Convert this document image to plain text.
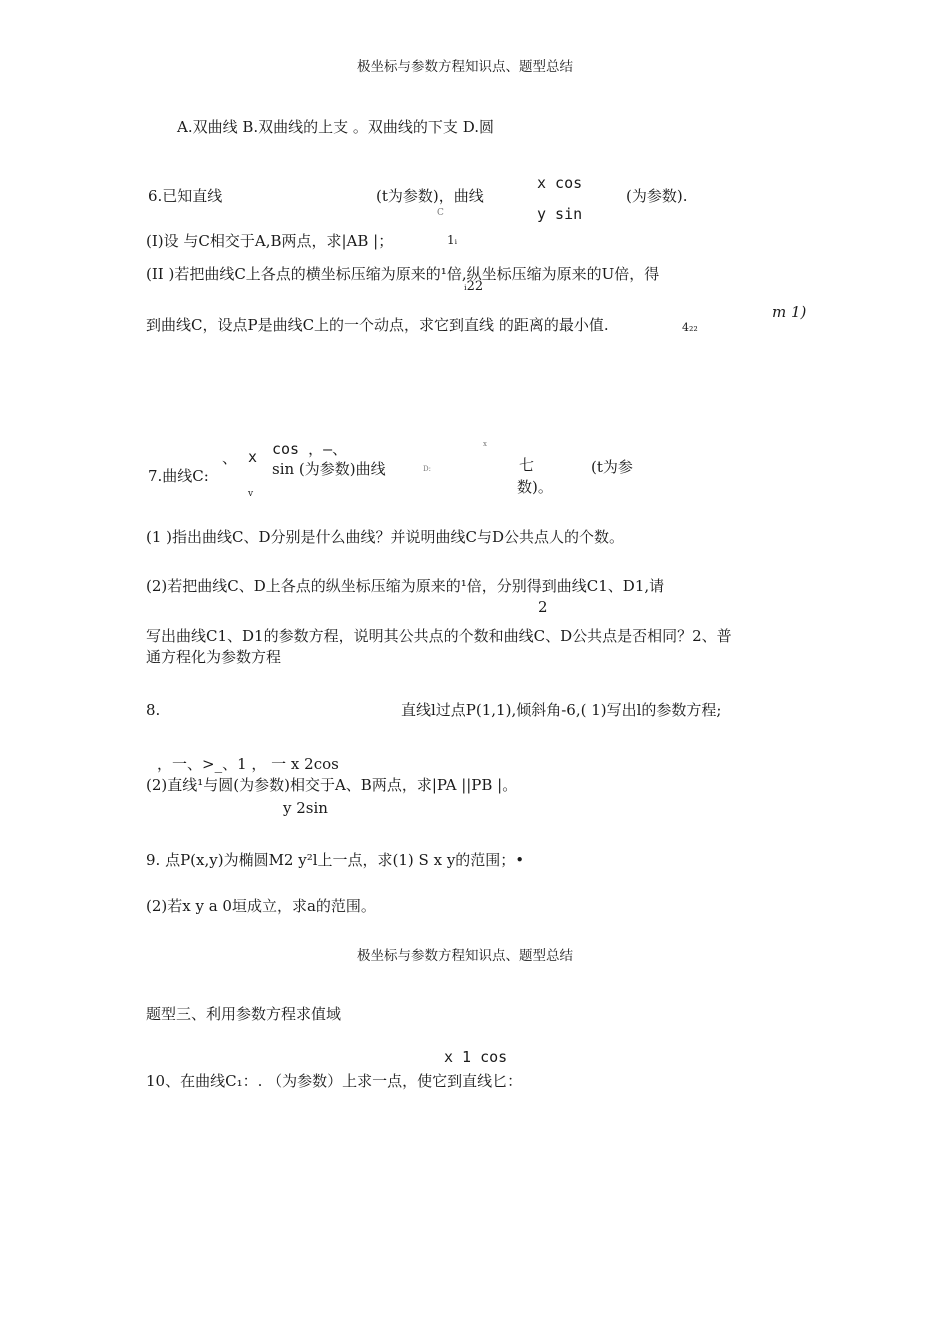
极坐标与参数方程知识点、题型总结
A.双曲线 B.双曲线的上支 。双曲线的下支 D.圆
6.已知直线	(t为参数)，曲线
x cos
y sin
C
(为参数).
(I)设 与C相交于A,B两点，求|AB |；	1ᵢ
(II )若把曲线C上各点的横坐标压缩为原来的¹倍,纵坐标压缩为原来的U倍，得
ᵢ22
到曲线C，设点P是曲线C上的一个动点，求它到直线 的距离的最小值.	4₂₂
m 1)
、 x cos ，—、
sin (为参数)曲线	D:
x
七	(t为参
数)。
7.曲线C:
v
(1 )指出曲线C、D分别是什么曲线？并说明曲线C与D公共点人的个数。
(2)若把曲线C、D上各点的纵坐标压缩为原来的¹倍，分别得到曲线C1、D1,请
2
写出曲线C1、D1的参数方程，说明其公共点的个数和曲线C、D公共点是否相同？2、普
通方程化为参数方程
8.	直线l过点P(1,1),倾斜角-6,( 1)写出l的参数方程;
，一、>_、1 ， 一 x 2cos
(2)直线¹与圆(为参数)相交于A、B两点，求|PA ||PB |。
y 2sin
9. 点P(x,y)为椭圆M2 y²l上一点，求(1) S x y的范围；•
(2)若x y a 0垣成立，求a的范围。
极坐标与参数方程知识点、题型总结
题型三、利用参数方程求值域
x 1 cos
10、在曲线C₁：. （为参数）上求一点，使它到直线匕：
